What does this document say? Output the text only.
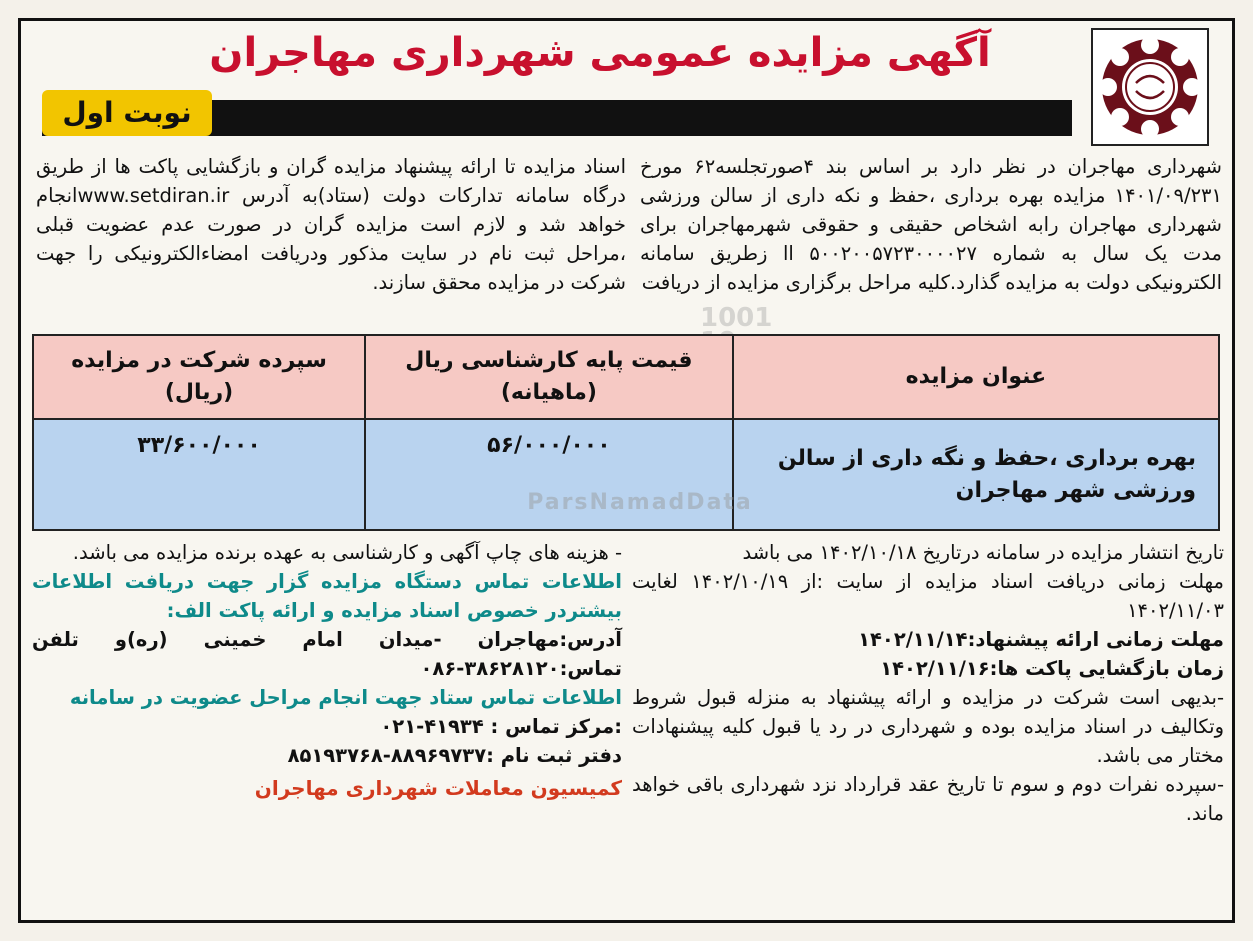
آگهی مزایده عمومی شهرداری مهاجران
نوبت اول
شهرداری مهاجران در نظر دارد بر اساس بند ۴صورتجلسه۶۲ مورخ ۱۴۰۱/۰۹/۲۳۱ مزایده بهره برداری ،حفظ و نکه داری از سالن ورزشی شهرداری مهاجران رابه اشخاص حقیقی و حقوقی شهرمهاجران برای مدت یک سال به شماره ۵۰۰۲۰۰۵۷۲۳۰۰۰۰۲۷ اا زطریق سامانه الکترونیکی دولت به مزایده گذارد.کلیه مراحل برگزاری مزایده از دریافت
اسناد مزایده تا ارائه پیشنهاد مزایده گران و بازگشایی پاکت ها از طریق درگاه سامانه تدارکات دولت (ستاد)به آدرس www.setdiran.irانجام خواهد شد و لازم است مزایده گران در صورت عدم عضویت قبلی ،مراحل ثبت نام در سایت مذکور ودریافت امضاءالکترونیکی را جهت شرکت در مزایده محقق سازند.
1001

عنوان مزایده	قیمت پایه کارشناسی ریال (ماهیانه)	سپرده شرکت در مزایده (ریال)
بهره برداری ،حفظ و نگه داری از سالن ورزشی شهر مهاجران	۵۶/۰۰۰/۰۰۰	۳۳/۶۰۰/۰۰۰
ParsNamadData
تاریخ انتشار مزایده در سامانه درتاریخ ۱۴۰۲/۱۰/۱۸ می باشد
مهلت زمانی دریافت اسناد مزایده از سایت :از ۱۴۰۲/۱۰/۱۹ لغایت ۱۴۰۲/۱۱/۰۳
مهلت زمانی ارائه پیشنهاد:۱۴۰۲/۱۱/۱۴
زمان بازگشایی پاکت ها:۱۴۰۲/۱۱/۱۶
-بدیهی است شرکت در مزایده و ارائه پیشنهاد به منزله قبول شروط وتکالیف در اسناد مزایده بوده و شهرداری در رد یا قبول کلیه پیشنهادات مختار می باشد.
-سپرده نفرات دوم و سوم تا تاریخ عقد قرارداد نزد شهرداری باقی خواهد ماند.
- هزینه های چاپ آگهی و کارشناسی به عهده برنده مزایده می باشد.
اطلاعات تماس دستگاه مزایده گزار جهت دریافت اطلاعات بیشتردر خصوص اسناد مزایده و ارائه پاکت الف:
آدرس:مهاجران -میدان امام خمینی (ره)و تلفن تماس:۳۸۶۲۸۱۲۰-۰۸۶
اطلاعات تماس ستاد جهت انجام مراحل عضویت در سامانه
:مرکز تماس : ۴۱۹۳۴-۰۲۱
دفتر ثبت نام :۸۸۹۶۹۷۳۷-۸۵۱۹۳۷۶۸
کمیسیون معاملات شهرداری مهاجران
